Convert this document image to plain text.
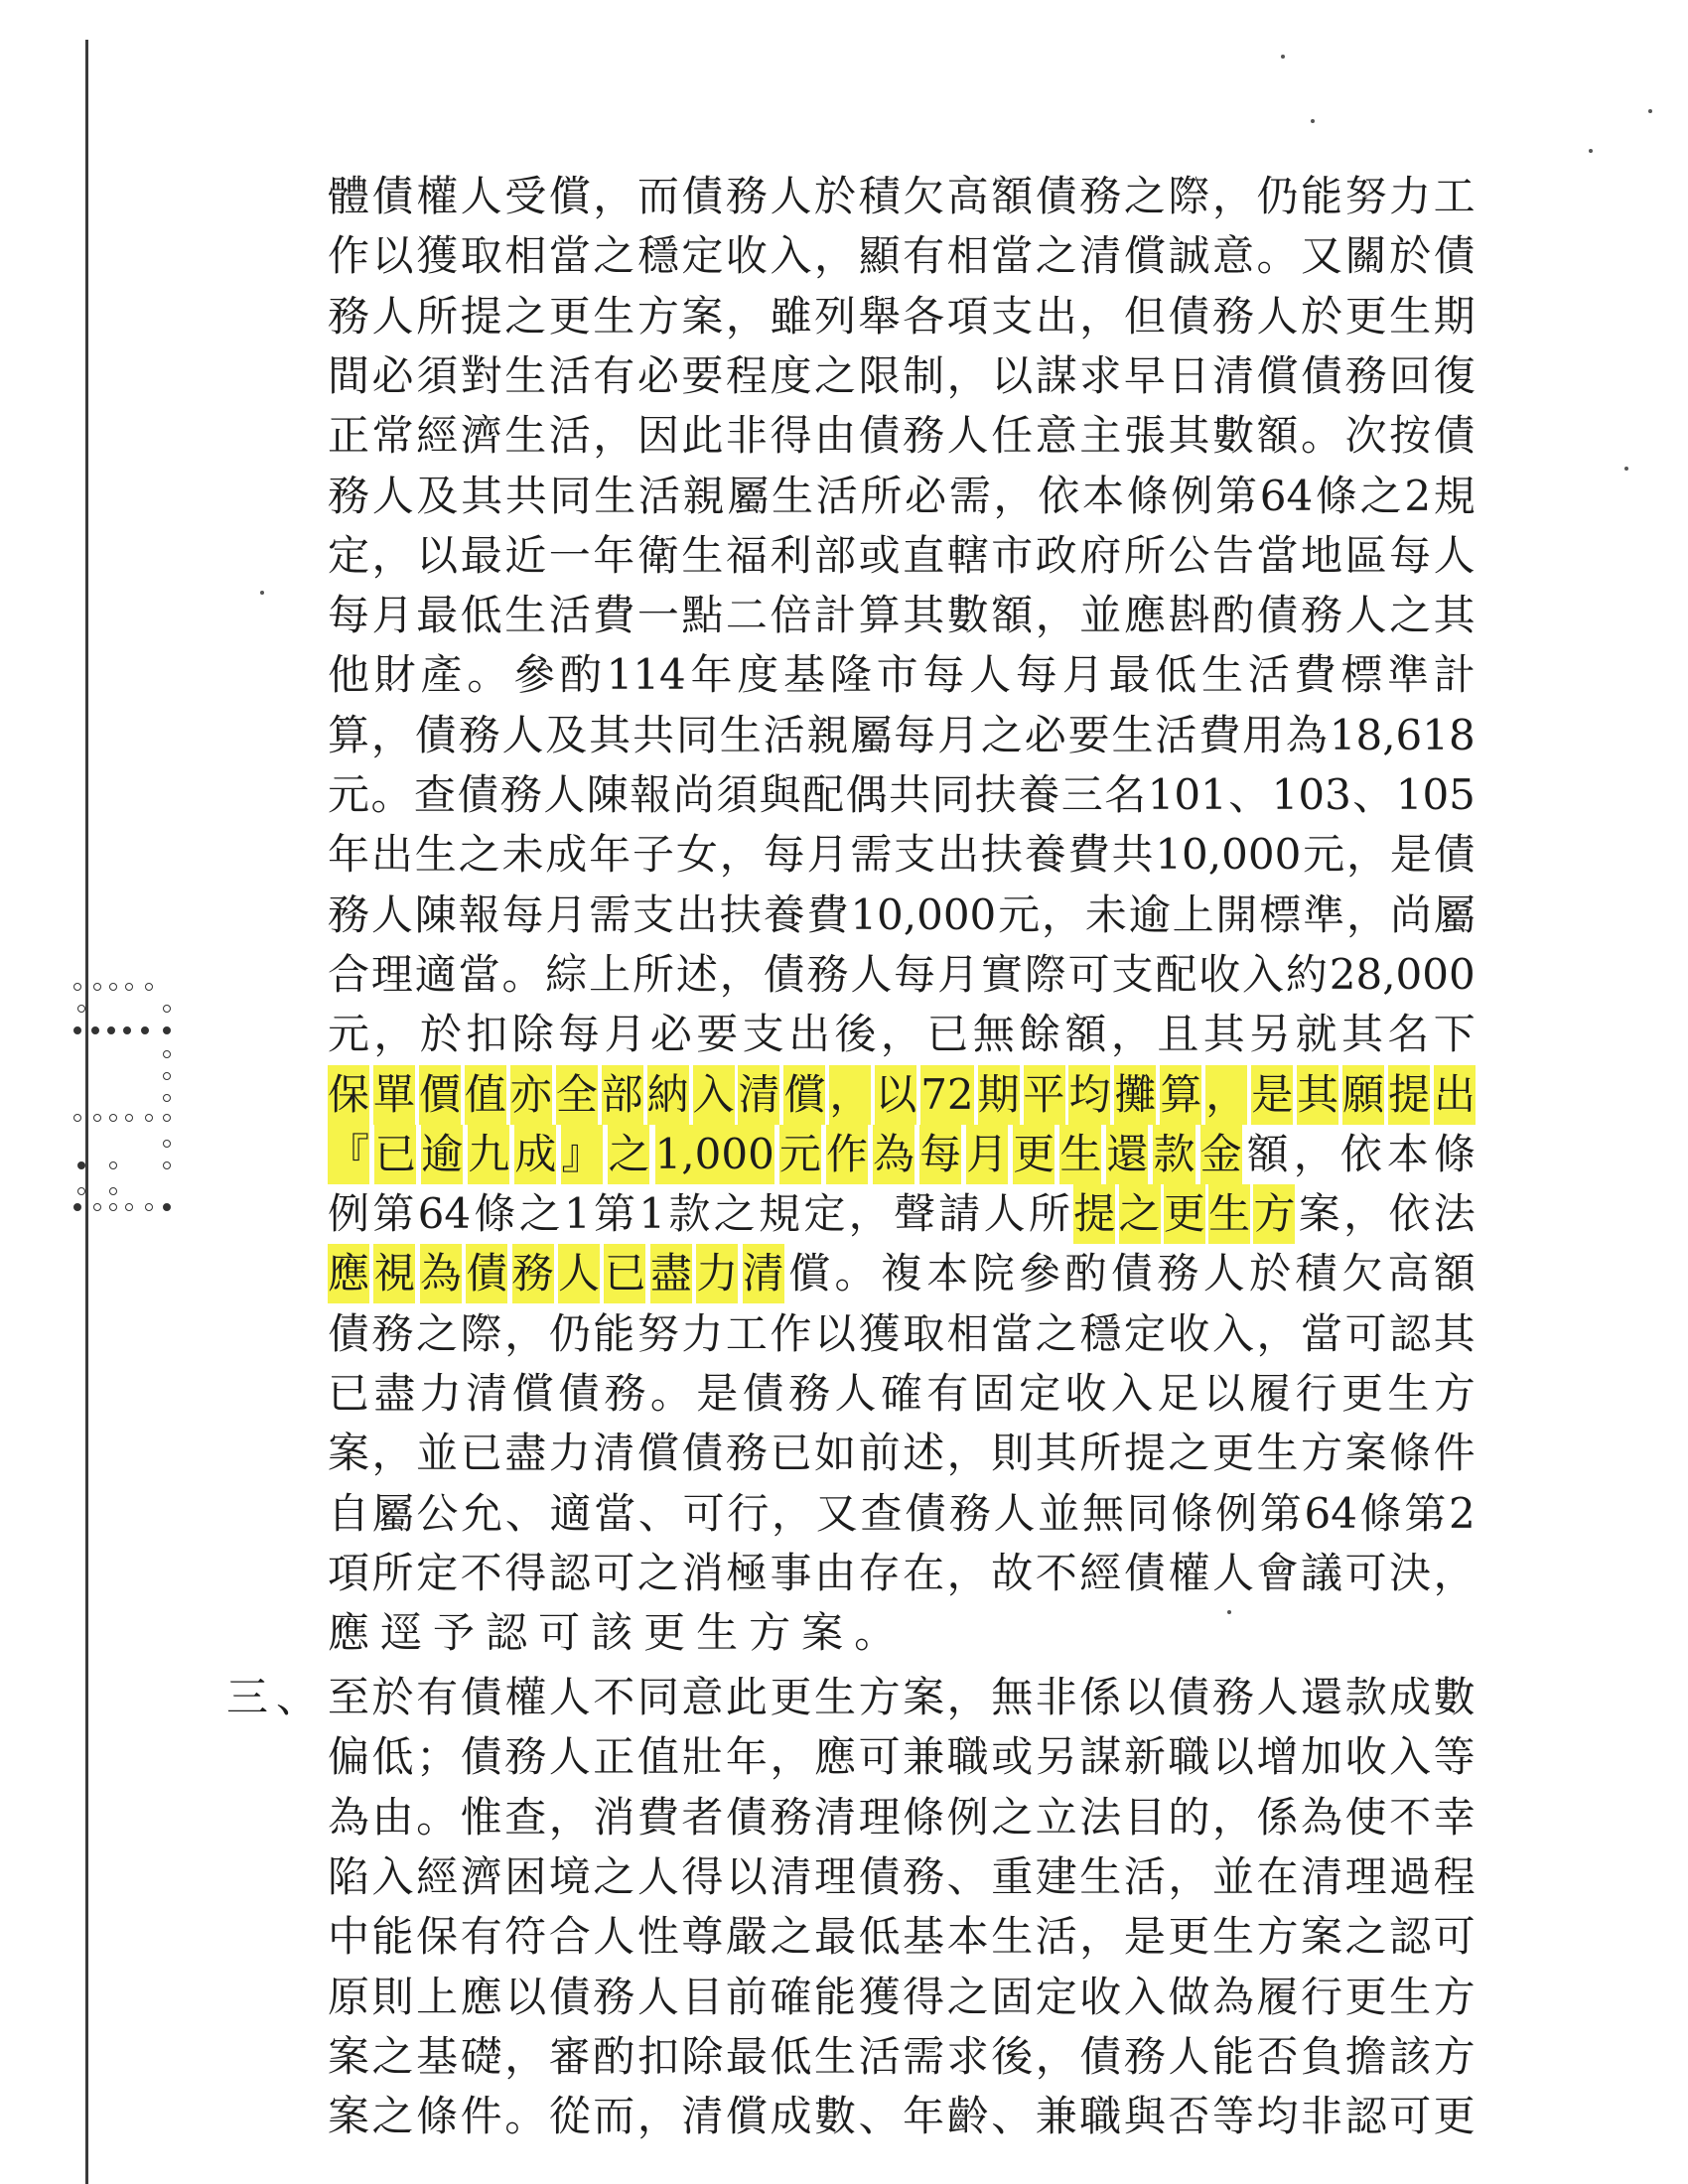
體 債 權 人 受 償 ， 而 債 務 人 於 積 欠 高 額 債 務 之 際 ， 仍 能 努 力 工
作 以 獲 取 相 當 之 穩 定 收 入 ， 顯 有 相 當 之 清 償 誠 意 。 又 關 於 債
務 人 所 提 之 更 生 方 案 ， 雖 列 舉 各 項 支 出 ， 但 債 務 人 於 更 生 期
間 必 須 對 生 活 有 必 要 程 度 之 限 制 ， 以 謀 求 早 日 清 償 債 務 回 復
正 常 經 濟 生 活 ， 因 此 非 得 由 債 務 人 任 意 主 張 其 數 額 。 次 按 債
務 人 及 其 共 同 生 活 親 屬 生 活 所 必 需 ， 依 本 條 例 第 64 條 之 2 規
定 ， 以 最 近 一 年 衛 生 福 利 部 或 直 轄 市 政 府 所 公 告 當 地 區 每 人
每 月 最 低 生 活 費 一 點 二 倍 計 算 其 數 額 ， 並 應 斟 酌 債 務 人 之 其
他 財 產 。 參 酌 114 年 度 基 隆 市 每 人 每 月 最 低 生 活 費 標 準 計
算 ， 債 務 人 及 其 共 同 生 活 親 屬 每 月 之 必 要 生 活 費 用 為 18,618
元 。 查 債 務 人 陳 報 尚 須 與 配 偶 共 同 扶 養 三 名 101 、 103 、 105
年 出 生 之 未 成 年 子 女 ， 每 月 需 支 出 扶 養 費 共 10,000 元 ， 是 債
務 人 陳 報 每 月 需 支 出 扶 養 費 10,000 元 ， 未 逾 上 開 標 準 ， 尚 屬
合 理 適 當 。 綜 上 所 述 ， 債 務 人 每 月 實 際 可 支 配 收 入 約 28,000
元 ， 於 扣 除 每 月 必 要 支 出 後 ， 已 無 餘 額 ， 且 其 另 就 其 名 下
保 單 價 值 亦 全 部 納 入 清 償 ， 以 72 期 平 均 攤 算 ， 是 其 願 提 出
『 已 逾 九 成 』 之 1,000 元 作 為 每 月 更 生 還 款 金 額 ， 依 本 條
例 第 64 條 之 1 第 1 款 之 規 定 ， 聲 請 人 所 提 之 更 生 方 案 ， 依 法
應 視 為 債 務 人 已 盡 力 清 償 。 複 本 院 參 酌 債 務 人 於 積 欠 高 額
債 務 之 際 ， 仍 能 努 力 工 作 以 獲 取 相 當 之 穩 定 收 入 ， 當 可 認 其
已 盡 力 清 償 債 務 。 是 債 務 人 確 有 固 定 收 入 足 以 履 行 更 生 方
案 ， 並 已 盡 力 清 償 債 務 已 如 前 述 ， 則 其 所 提 之 更 生 方 案 條 件
自 屬 公 允 、 適 當 、 可 行 ， 又 查 債 務 人 並 無 同 條 例 第 64 條 第 2
項 所 定 不 得 認 可 之 消 極 事 由 存 在 ， 故 不 經 債 權 人 會 議 可 決 ，
應 逕 予 認 可 該 更 生 方 案 。
三、 至 於 有 債 權 人 不 同 意 此 更 生 方 案 ， 無 非 係 以 債 務 人 還 款 成 數
偏 低 ； 債 務 人 正 值 壯 年 ， 應 可 兼 職 或 另 謀 新 職 以 增 加 收 入 等
為 由 。 惟 查 ， 消 費 者 債 務 清 理 條 例 之 立 法 目 的 ， 係 為 使 不 幸
陷 入 經 濟 困 境 之 人 得 以 清 理 債 務 、 重 建 生 活 ， 並 在 清 理 過 程
中 能 保 有 符 合 人 性 尊 嚴 之 最 低 基 本 生 活 ， 是 更 生 方 案 之 認 可
原 則 上 應 以 債 務 人 目 前 確 能 獲 得 之 固 定 收 入 做 為 履 行 更 生 方
案 之 基 礎 ， 審 酌 扣 除 最 低 生 活 需 求 後 ， 債 務 人 能 否 負 擔 該 方
案 之 條 件 。 從 而 ， 清 償 成 數 、 年 齡 、 兼 職 與 否 等 均 非 認 可 更
